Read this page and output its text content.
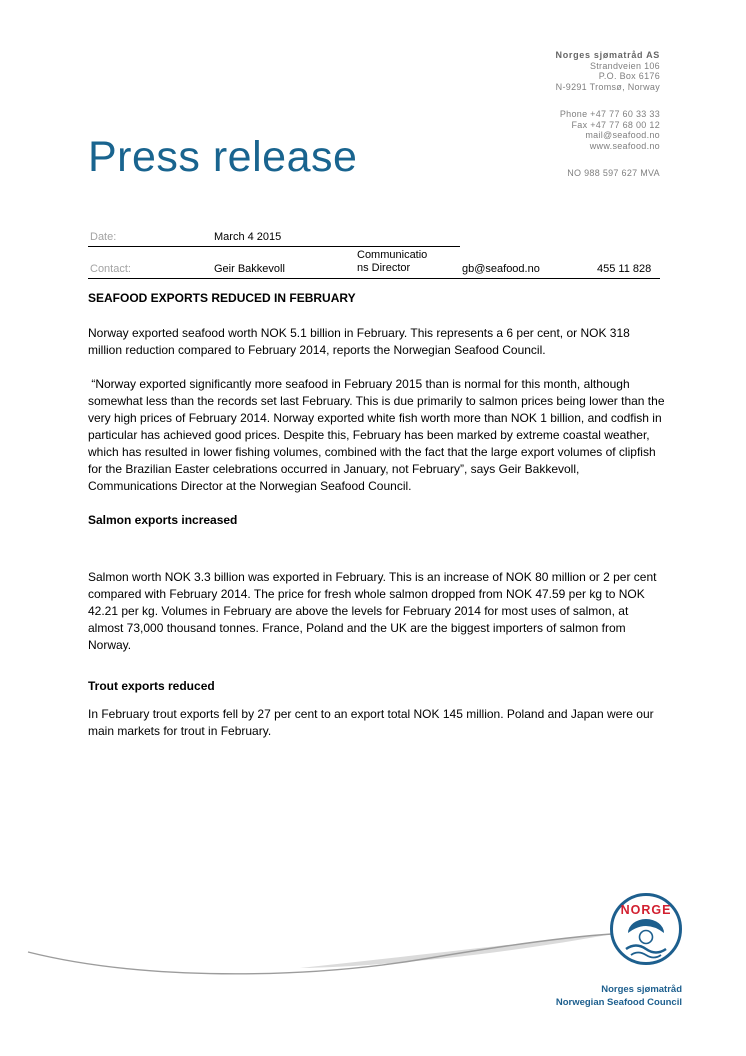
Norges sjømatråd AS
Strandveien 106
P.O. Box 6176
N-9291 Tromsø, Norway
Phone +47 77 60 33 33
Fax +47 77 68 00 12
mail@seafood.no
www.seafood.no
NO 988 597 627 MVA
Press release
Date:	March 4 2015			
Contact:	Geir Bakkevoll	Communications Director	gb@seafood.no	455 11 828
SEAFOOD EXPORTS REDUCED IN FEBRUARY

Norway exported seafood worth NOK 5.1 billion in February. This represents a 6 per cent, or NOK 318 million reduction compared to February 2014, reports the Norwegian Seafood Council.

“Norway exported significantly more seafood in February 2015 than is normal for this month, although somewhat less than the records set last February. This is due primarily to salmon prices being lower than the very high prices of February 2014. Norway exported white fish worth more than NOK 1 billion, and codfish in particular has achieved good prices. Despite this, February has been marked by extreme coastal weather, which has resulted in lower fishing volumes, combined with the fact that the large export volumes of clipfish for the Brazilian Easter celebrations occurred in January, not February”, says Geir Bakkevoll, Communications Director at the Norwegian Seafood Council.

Salmon exports increased

Salmon worth NOK 3.3 billion was exported in February. This is an increase of NOK 80 million or 2 per cent compared with February 2014. The price for fresh whole salmon dropped from NOK 47.59 per kg to NOK 42.21 per kg. Volumes in February are above the levels for February 2014 for most uses of salmon, at almost 73,000 thousand tonnes. France, Poland and the UK are the biggest importers of salmon from Norway.

Trout exports reduced

In February trout exports fell by 27 per cent to an export total NOK 145 million. Poland and Japan were our main markets for trout in February.

NORGE
Norges sjømatråd
Norwegian Seafood Council
